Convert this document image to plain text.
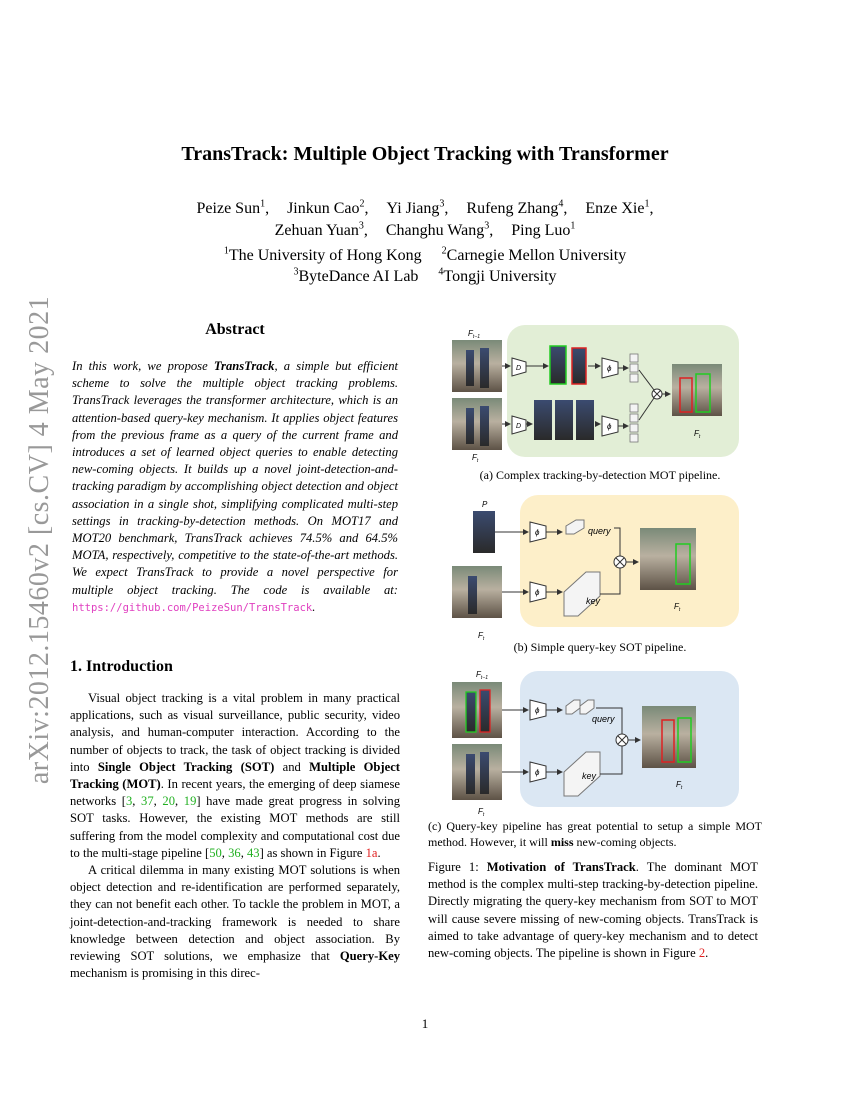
arXiv:2012.15460v2 [cs.CV] 4 May 2021
TransTrack: Multiple Object Tracking with Transformer
Peize Sun$^1$, Jinkun Cao$^2$, Yi Jiang$^3$, Rufeng Zhang$^4$, Enze Xie$^1$,
Zehuan Yuan$^3$, Changhu Wang$^3$, Ping Luo$^1$
$^1$The University of Hong Kong $^2$Carnegie Mellon University
$^3$ByteDance AI Lab $^4$Tongji University
Abstract
In this work, we propose TransTrack, a simple but efficient scheme to solve the multiple object tracking problems. TransTrack leverages the transformer architecture, which is an attention-based query-key mechanism. It applies object features from the previous frame as a query of the current frame and introduces a set of learned object queries to enable detecting new-coming objects. It builds up a novel joint-detection-and-tracking paradigm by accomplishing object detection and object association in a single shot, simplifying complicated multi-step settings in tracking-by-detection methods. On MOT17 and MOT20 benchmark, TransTrack achieves 74.5% and 64.5% MOTA, respectively, competitive to the state-of-the-art methods. We expect TransTrack to provide a novel perspective for multiple object tracking. The code is available at: https://github.com/PeizeSun/TransTrack.
1. Introduction

Visual object tracking is a vital problem in many practical applications, such as visual surveillance, public security, video analysis, and human-computer interaction. According to the number of objects to track, the task of object tracking is divided into Single Object Tracking (SOT) and Multiple Object Tracking (MOT). In recent years, the emerging of deep siamese networks [3, 37, 20, 19] have made great progress in solving SOT tasks. However, the existing MOT methods are still suffering from the model complexity and computational cost due to the multi-stage pipeline [50, 36, 43] as shown in Figure 1a.

A critical dilemma in many existing MOT solutions is when object detection and re-identification are performed separately, they can not benefit each other. To tackle the problem in MOT, a joint-detection-and-tracking framework is needed to share knowledge between detection and object association. By reviewing SOT solutions, we emphasize that Query-Key mechanism is promising in this direc-

$F_{t-1}$
$F_t$
D
D
ϕ
ϕ
$F_t$
(a) Complex tracking-by-detection MOT pipeline.
P
$F_t$
ϕ
ϕ
query
key
$F_t$
(b) Simple query-key SOT pipeline.
$F_{t-1}$
$F_t$
ϕ
ϕ
query
key
$F_t$
(c) Query-key pipeline has great potential to setup a simple MOT method. However, it will miss new-coming objects.
Figure 1: Motivation of TransTrack. The dominant MOT method is the complex multi-step tracking-by-detection pipeline. Directly migrating the query-key mechanism from SOT to MOT will cause severe missing of new-coming objects. TransTrack is aimed to take advantage of query-key mechanism and to detect new-coming objects. The pipeline is shown in Figure 2.
1
